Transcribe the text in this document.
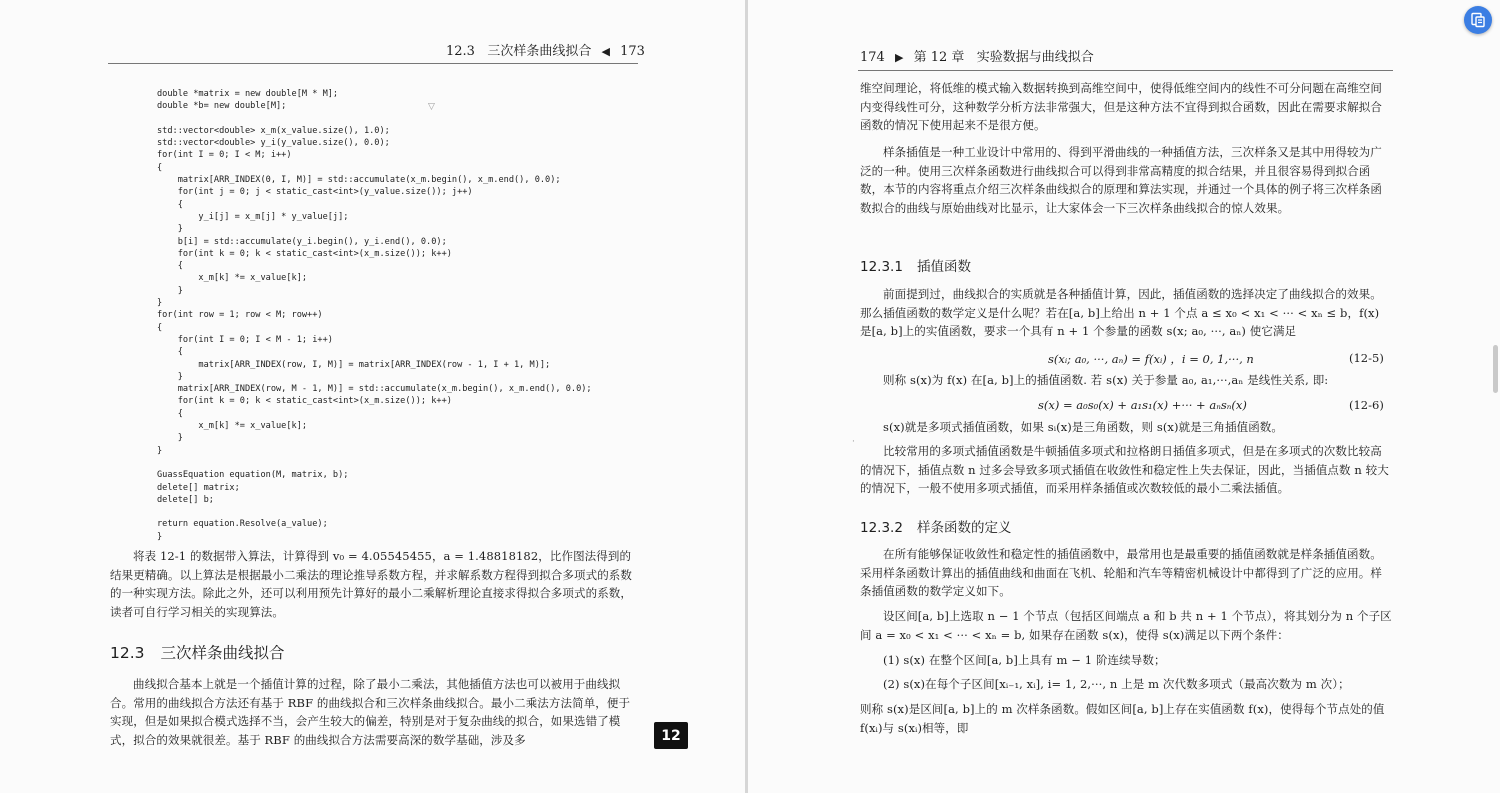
12.3 三次样条曲线拟合 ◀ 173
double *matrix = new double[M * M];
double *b= new double[M];

std::vector<double> x_m(x_value.size(), 1.0);
std::vector<double> y_i(y_value.size(), 0.0);
for(int I = 0; I < M; i++)
{
matrix[ARR_INDEX(0, I, M)] = std::accumulate(x_m.begin(), x_m.end(), 0.0);
for(int j = 0; j < static_cast<int>(y_value.size()); j++)
{
y_i[j] = x_m[j] * y_value[j];
}
b[i] = std::accumulate(y_i.begin(), y_i.end(), 0.0);
for(int k = 0; k < static_cast<int>(x_m.size()); k++)
{
x_m[k] *= x_value[k];
}
}
for(int row = 1; row < M; row++)
{
for(int I = 0; I < M - 1; i++)
{
matrix[ARR_INDEX(row, I, M)] = matrix[ARR_INDEX(row - 1, I + 1, M)];
}
matrix[ARR_INDEX(row, M - 1, M)] = std::accumulate(x_m.begin(), x_m.end(), 0.0);
for(int k = 0; k < static_cast<int>(x_m.size()); k++)
{
x_m[k] *= x_value[k];
}
}

GuassEquation equation(M, matrix, b);
delete[] matrix;
delete[] b;

return equation.Resolve(a_value);
}

将表 12-1 的数据带入算法，计算得到 v₀ = 4.05545455，a = 1.48818182，比作图法得到的结果更精确。以上算法是根据最小二乘法的理论推导系数方程，并求解系数方程得到拟合多项式的系数的一种实现方法。除此之外，还可以利用预先计算好的最小二乘解析理论直接求得拟合多项式的系数，读者可自行学习相关的实现算法。

12.3 三次样条曲线拟合

曲线拟合基本上就是一个插值计算的过程，除了最小二乘法，其他插值方法也可以被用于曲线拟合。常用的曲线拟合方法还有基于 RBF 的曲线拟合和三次样条曲线拟合。最小二乘法方法简单，便于实现，但是如果拟合模式选择不当，会产生较大的偏差，特别是对于复杂曲线的拟合，如果选错了模式，拟合的效果就很差。基于 RBF 的曲线拟合方法需要高深的数学基础，涉及多	12
▽
174 ▶ 第 12 章 实验数据与曲线拟合

维空间理论，将低维的模式输入数据转换到高维空间中，使得低维空间内的线性不可分问题在高维空间内变得线性可分，这种数学分析方法非常强大，但是这种方法不宜得到拟合函数，因此在需要求解拟合函数的情况下使用起来不是很方便。

样条插值是一种工业设计中常用的、得到平滑曲线的一种插值方法，三次样条又是其中用得较为广泛的一种。使用三次样条函数进行曲线拟合可以得到非常高精度的拟合结果，并且很容易得到拟合函数，本节的内容将重点介绍三次样条曲线拟合的原理和算法实现，并通过一个具体的例子将三次样条函数拟合的曲线与原始曲线对比显示，让大家体会一下三次样条曲线拟合的惊人效果。

12.3.1 插值函数

前面提到过，曲线拟合的实质就是各种插值计算，因此，插值函数的选择决定了曲线拟合的效果。那么插值函数的数学定义是什么呢？若在[a, b]上给出 n + 1 个点 a ≤ x₀ < x₁ < ··· < xₙ ≤ b，f(x) 是[a, b]上的实值函数，要求一个具有 n + 1 个参量的函数 s(x; a₀, ···, aₙ) 使它满足

s(xᵢ; a₀, ···, aₙ) = f(xᵢ) ，i = 0, 1,···, n	(12-5)

则称 s(x)为 f(x) 在[a, b]上的插值函数. 若 s(x) 关于参量 a₀, a₁,···,aₙ 是线性关系, 即:

s(x) = a₀s₀(x) + a₁s₁(x) +··· + aₙsₙ(x)	(12-6)

s(x)就是多项式插值函数，如果 sᵢ(x)是三角函数，则 s(x)就是三角插值函数。

比较常用的多项式插值函数是牛顿插值多项式和拉格朗日插值多项式，但是在多项式的次数比较高的情况下，插值点数 n 过多会导致多项式插值在收敛性和稳定性上失去保证，因此，当插值点数 n 较大的情况下，一般不使用多项式插值，而采用样条插值或次数较低的最小二乘法插值。

12.3.2 样条函数的定义

在所有能够保证收敛性和稳定性的插值函数中，最常用也是最重要的插值函数就是样条插值函数。采用样条函数计算出的插值曲线和曲面在飞机、轮船和汽车等精密机械设计中都得到了广泛的应用。样条插值函数的数学定义如下。

设区间[a, b]上选取 n − 1 个节点（包括区间端点 a 和 b 共 n + 1 个节点），将其划分为 n 个子区间 a = x₀ < x₁ < ··· < xₙ = b, 如果存在函数 s(x)，使得 s(x)满足以下两个条件：

(1) s(x) 在整个区间[a, b]上具有 m − 1 阶连续导数；

(2) s(x)在每个子区间[xᵢ₋₁, xᵢ], i= 1, 2,···, n 上是 m 次代数多项式（最高次数为 m 次）；

则称 s(x)是区间[a, b]上的 m 次样条函数。假如区间[a, b]上存在实值函数 f(x)，使得每个节点处的值 f(xᵢ)与 s(xᵢ)相等，即

·
